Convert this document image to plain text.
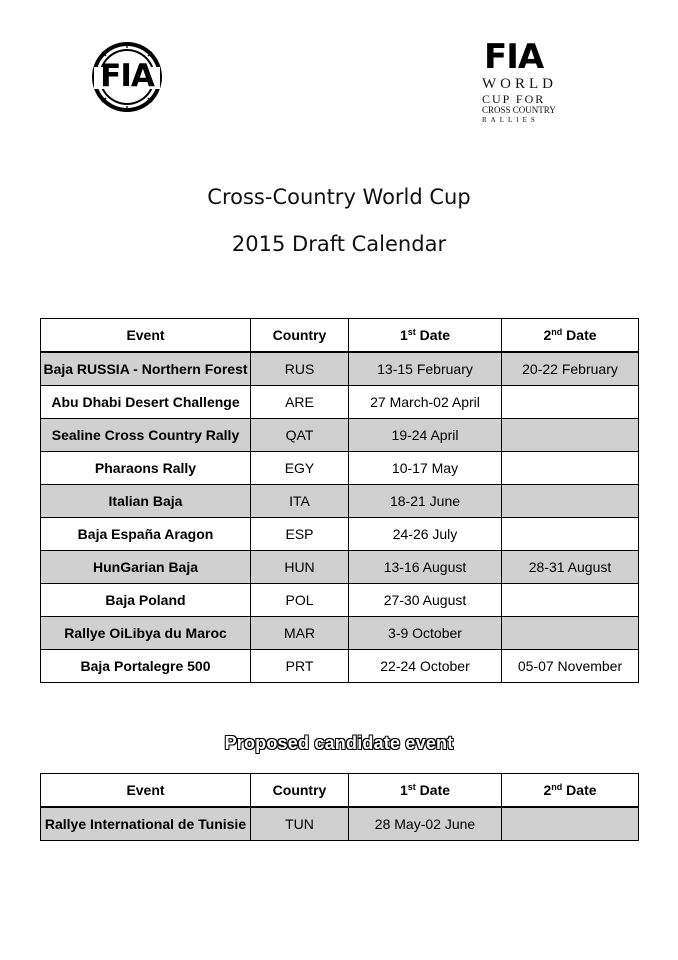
FIA	FIA
WORLD
CUP FOR
CROSS COUNTRY
RALLIES
Cross-Country World Cup
2015 Draft Calendar
Event	Country	1st Date	2nd Date
Baja RUSSIA - Northern Forest	RUS	13-15 February	20-22 February
Abu Dhabi Desert Challenge	ARE	27 March-02 April	
Sealine Cross Country Rally	QAT	19-24 April	
Pharaons Rally	EGY	10-17 May	
Italian Baja	ITA	18-21 June	
Baja España Aragon	ESP	24-26 July	
HunGarian Baja	HUN	13-16 August	28-31 August
Baja Poland	POL	27-30 August	
Rallye OiLibya du Maroc	MAR	3-9 October	
Baja Portalegre 500	PRT	22-24 October	05-07 November
Proposed candidate event
Event	Country	1st Date	2nd Date
Rallye International de Tunisie	TUN	28 May-02 June	
